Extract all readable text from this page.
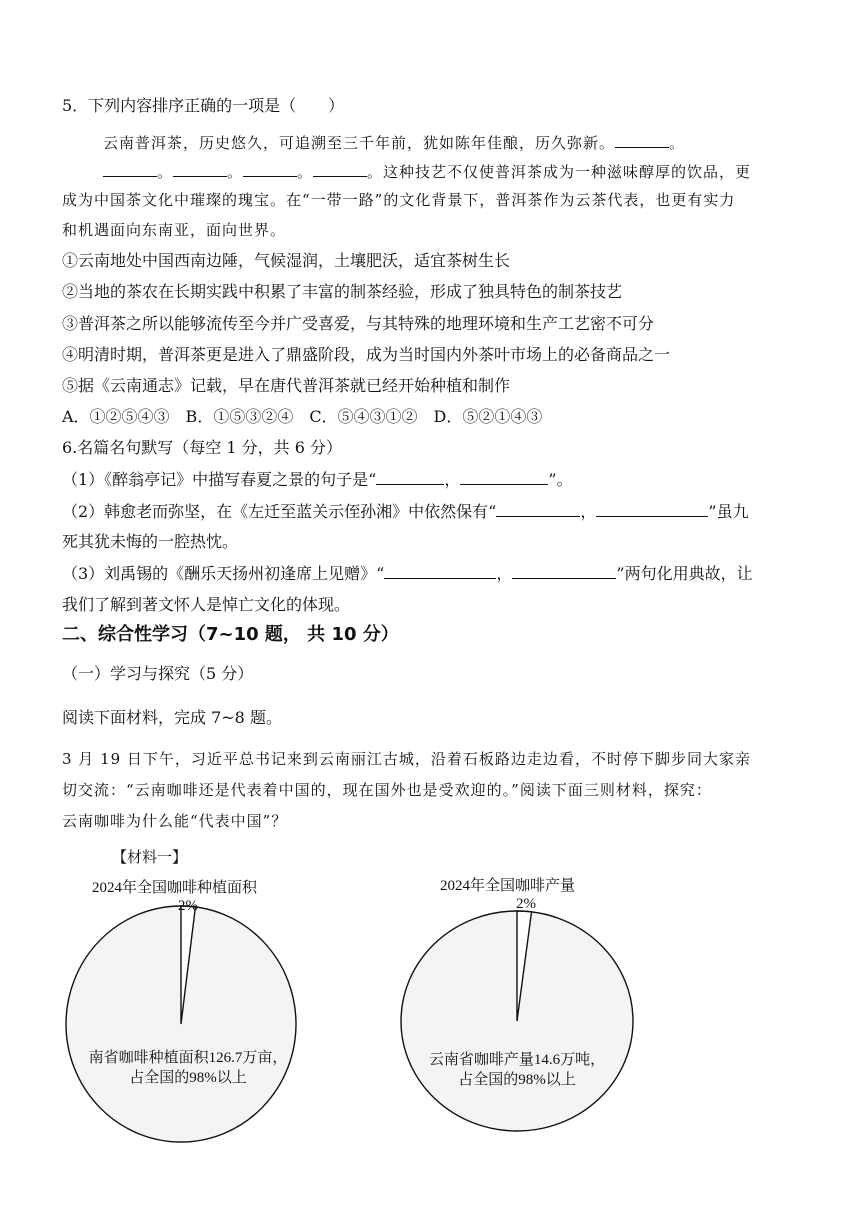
5．下列内容排序正确的一项是（　　）
云南普洱茶，历史悠久，可追溯至三千年前，犹如陈年佳酿，历久弥新。	。
。	。	。	。这种技艺不仅使普洱茶成为一种滋味醇厚的饮品，更
成为中国茶文化中璀璨的瑰宝。在“一带一路”的文化背景下，普洱茶作为云茶代表，也更有实力
和机遇面向东南亚，面向世界。
①云南地处中国西南边陲，气候湿润，土壤肥沃，适宜茶树生长
②当地的茶农在长期实践中积累了丰富的制茶经验，形成了独具特色的制茶技艺
③普洱茶之所以能够流传至今并广受喜爱，与其特殊的地理环境和生产工艺密不可分
④明清时期，普洱茶更是进入了鼎盛阶段，成为当时国内外茶叶市场上的必备商品之一
⑤据《云南通志》记载，早在唐代普洱茶就已经开始种植和制作
A．①②⑤④③　B．①⑤③②④　C．⑤④③①②　D．⑤②①④③
6.名篇名句默写（每空 1 分，共 6 分）
（1）《醉翁亭记》中描写春夏之景的句子是“	，	”。
（2）韩愈老而弥坚，在《左迁至蓝关示侄孙湘》中依然保有“	，	”虽九
死其犹未悔的一腔热忱。
（3）刘禹锡的《酬乐天扬州初逢席上见赠》“	，	”两句化用典故，让
我们了解到著文怀人是悼亡文化的体现。
二、综合性学习（7~10 题， 共 10 分）
（一）学习与探究（5 分）
阅读下面材料，完成 7~8 题。
3 月 19 日下午，习近平总书记来到云南丽江古城，沿着石板路边走边看，不时停下脚步同大家亲
切交流：“云南咖啡还是代表着中国的，现在国外也是受欢迎的。”阅读下面三则材料，探究：
云南咖啡为什么能“代表中国”？
【材料一】
2024年全国咖啡种植面积
2%
南省咖啡种植面积126.7万亩，
占全国的98%以上
2024年全国咖啡产量
2%
云南省咖啡产量14.6万吨，
占全国的98%以上
